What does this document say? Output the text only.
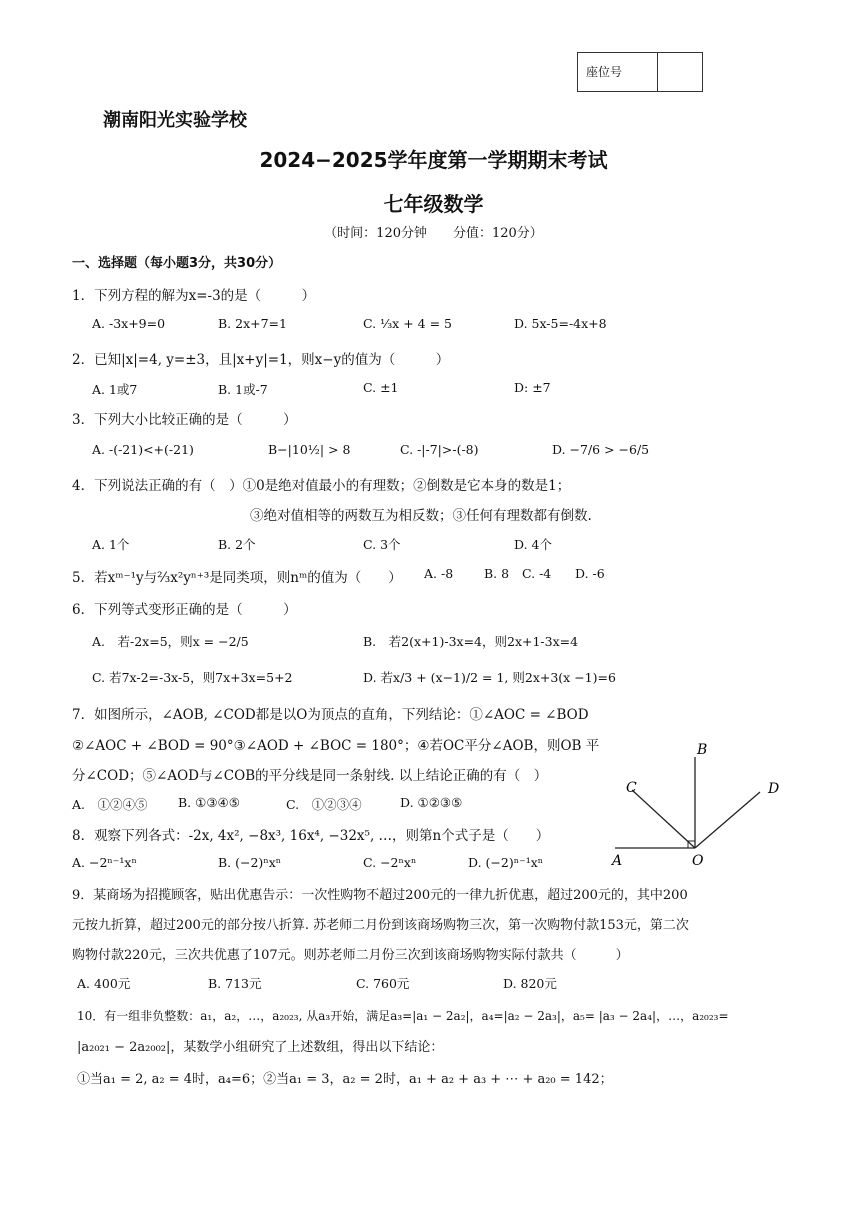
座位号
潮南阳光实验学校
2024−2025学年度第一学期期末考试
七年级数学
（时间：120分钟　　分值：120分）
一、选择题（每小题3分，共30分）
1．下列方程的解为x=-3的是（　　　）
A. -3x+9=0	B. 2x+7=1	C. ⅓x + 4 = 5	D. 5x-5=-4x+8
2．已知|x|=4, y=±3，且|x+y|=1，则x−y的值为（　　　）
A. 1或7	B. 1或-7	C. ±1	D: ±7
3．下列大小比较正确的是（　　　）
A. -(-21)<+(-21)	B−|10½| > 8	C. -|-7|>-(-8)	D. −7/6 > −6/5
4．下列说法正确的有（　）①0是绝对值最小的有理数；②倒数是它本身的数是1；
③绝对值相等的两数互为相反数；③任何有理数都有倒数.
A. 1个	B. 2个	C. 3个	D. 4个
5．若xᵐ⁻¹y与⅔x²yⁿ⁺³是同类项，则nᵐ的值为（　　） A. -8 B. 8 C. -4 D. -6
6．下列等式变形正确的是（　　　）
A.　若-2x=5，则x = −2/5	B.　若2(x+1)-3x=4，则2x+1-3x=4
C. 若7x-2=-3x-5，则7x+3x=5+2	D. 若x/3 + (x−1)/2 = 1, 则2x+3(x −1)=6
7．如图所示，∠AOB, ∠COD都是以O为顶点的直角，下列结论：①∠AOC = ∠BOD
②∠AOC + ∠BOD = 90°③∠AOD + ∠BOC = 180°；④若OC平分∠AOB，则OB 平
分∠COD；⑤∠AOD与∠COB的平分线是同一条射线. 以上结论正确的有（　）
A.　①②④⑤ B. ①③④⑤	C.　①②③④	D. ①②③⑤
A
B
C	D
O
8．观察下列各式：-2x, 4x², −8x³, 16x⁴, −32x⁵, …，则第n个式子是（　　）
A. −2ⁿ⁻¹xⁿ	B. (−2)ⁿxⁿ	C. −2ⁿxⁿ	D. (−2)ⁿ⁻¹xⁿ
9．某商场为招揽顾客，贴出优惠告示：一次性购物不超过200元的一律九折优惠，超过200元的，其中200
元按九折算，超过200元的部分按八折算. 苏老师二月份到该商场购物三次，第一次购物付款153元，第二次
购物付款220元，三次共优惠了107元。则苏老师二月份三次到该商场购物实际付款共（　　　）
A. 400元	B. 713元	C. 760元	D. 820元
10．有一组非负整数：a₁，a₂，…，a₂₀₂₃, 从a₃开始，满足a₃=|a₁ − 2a₂|，a₄=|a₂ − 2a₃|，a₅= |a₃ − 2a₄|，…，a₂₀₂₃=
|a₂₀₂₁ − 2a₂₀₀₂|，某数学小组研究了上述数组，得出以下结论：
①当a₁ = 2, a₂ = 4时，a₄=6；②当a₁ = 3，a₂ = 2时，a₁ + a₂ + a₃ + ⋯ + a₂₀ = 142；
